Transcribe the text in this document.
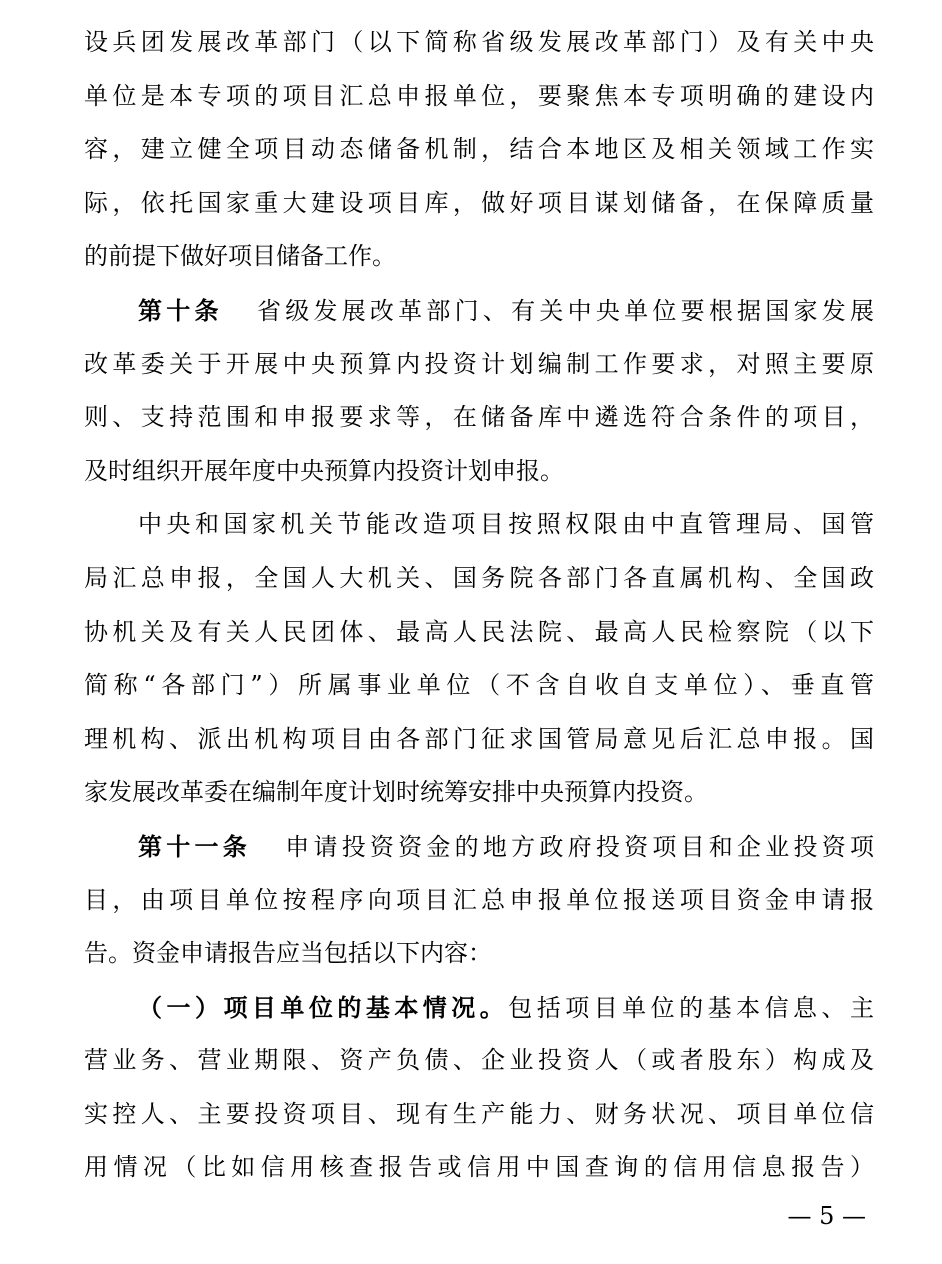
设兵团发展改革部门（以下简称省级发展改革部门）及有关中央
单位是本专项的项目汇总申报单位，要聚焦本专项明确的建设内
容，建立健全项目动态储备机制，结合本地区及相关领域工作实
际，依托国家重大建设项目库，做好项目谋划储备，在保障质量
的前提下做好项目储备工作。
第十条 省级发展改革部门、有关中央单位要根据国家发展
改革委关于开展中央预算内投资计划编制工作要求，对照主要原
则、支持范围和申报要求等，在储备库中遴选符合条件的项目，
及时组织开展年度中央预算内投资计划申报。
中央和国家机关节能改造项目按照权限由中直管理局、国管
局汇总申报，全国人大机关、国务院各部门各直属机构、全国政
协机关及有关人民团体、最高人民法院、最高人民检察院（以下
简称“各部门”）所属事业单位（不含自收自支单位）、垂直管
理机构、派出机构项目由各部门征求国管局意见后汇总申报。国
家发展改革委在编制年度计划时统筹安排中央预算内投资。
第十一条 申请投资资金的地方政府投资项目和企业投资项
目，由项目单位按程序向项目汇总申报单位报送项目资金申请报
告。资金申请报告应当包括以下内容：
（一）项目单位的基本情况。包括项目单位的基本信息、主
营业务、营业期限、资产负债、企业投资人（或者股东）构成及
实控人、主要投资项目、现有生产能力、财务状况、项目单位信
用情况（比如信用核查报告或信用中国查询的信用信息报告）
— 5 —
